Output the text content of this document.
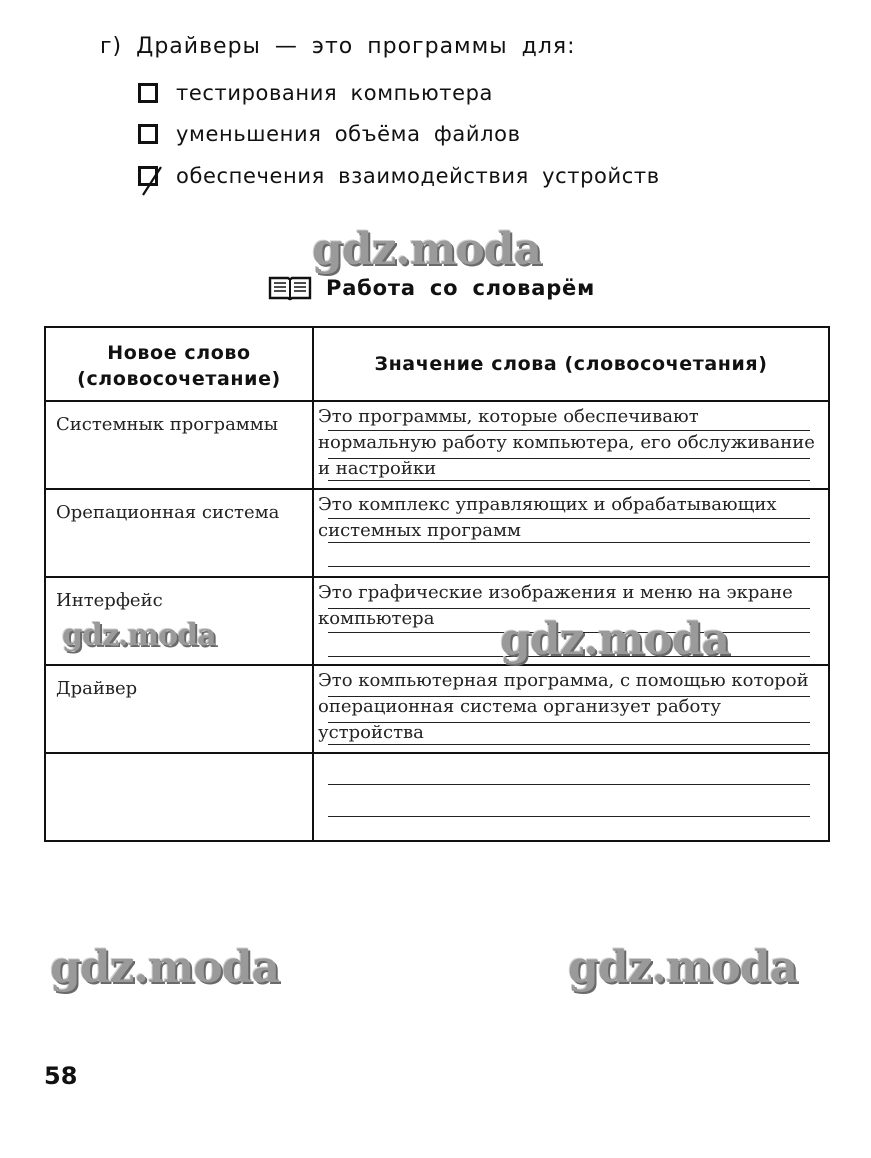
г) Драйверы — это программы для:
тестирования компьютера
уменьшения объёма файлов
обеспечения взаимодействия устройств
gdz.moda
Работа со словарём
Новое слово (словосочетание)	Значение слова (словосочетания)
Системнык программы	Это программы, которые обеспечивают нормальную работу компьютера, его обслуживание и настройки

Орепационная система	Это комплекс управляющих и обрабатывающих системных программ

Интерфейс	Это графические изображения и меню на экране компьютера

Драйвер	Это компьютерная программа, с помощью которой операционная система организует работу устройства

gdz.moda	gdz.moda
gdz.moda	gdz.moda
58
